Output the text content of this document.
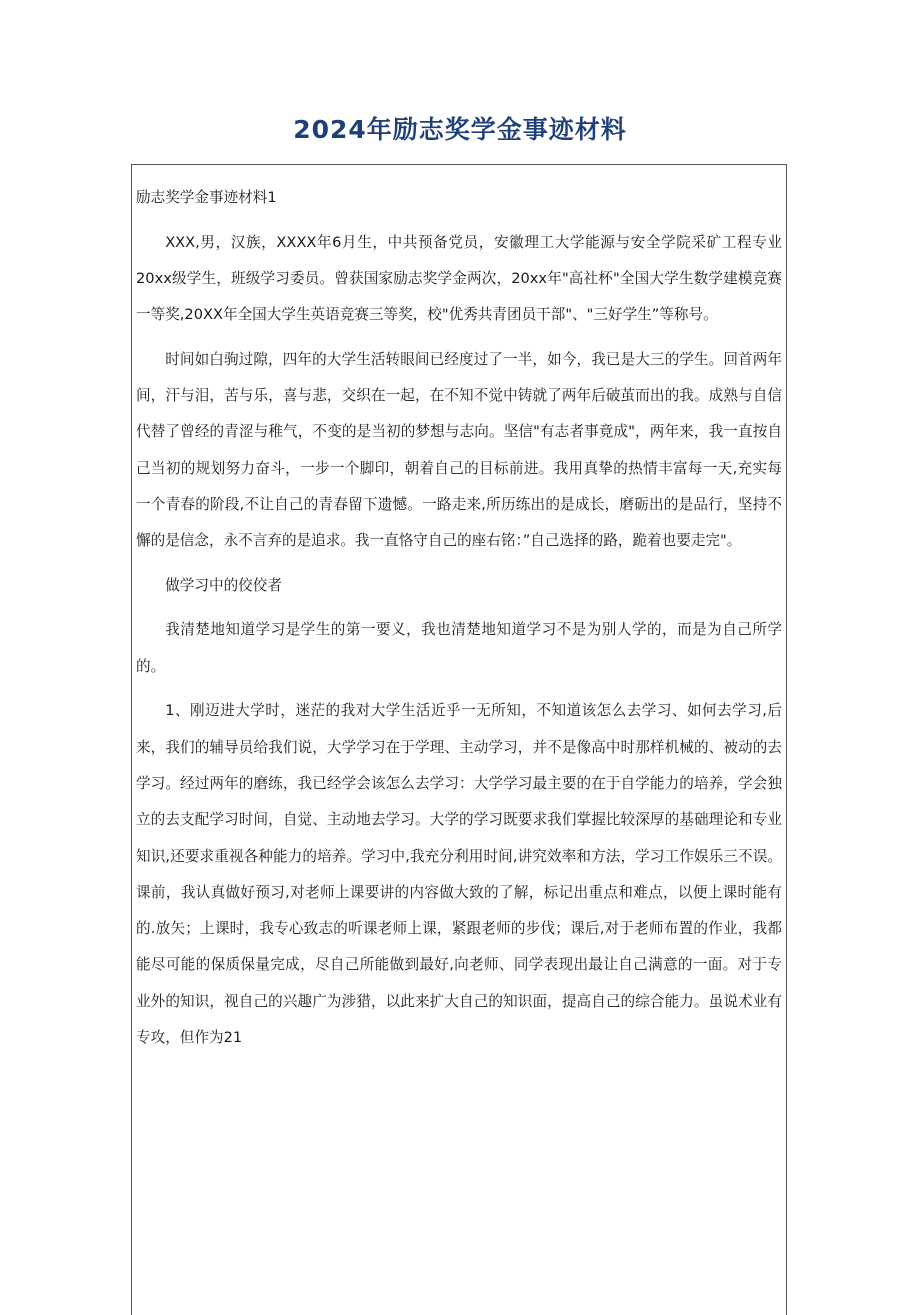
2024年励志奖学金事迹材料

励志奖学金事迹材料1

XXX,男，汉族，XXXX年6月生，中共预备党员，安徽理工大学能源与安全学院采矿工程专业20xx级学生，班级学习委员。曾获国家励志奖学金两次，20xx年"高社杯"全国大学生数学建模竞赛一等奖,20XX年全国大学生英语竞赛三等奖，校"优秀共青团员干部"、"三好学生”等称号。

时间如白驹过隙，四年的大学生活转眼间已经度过了一半，如今，我已是大三的学生。回首两年间，汗与泪，苦与乐，喜与悲，交织在一起，在不知不觉中铸就了两年后破茧而出的我。成熟与自信代替了曾经的青涩与稚气，不变的是当初的梦想与志向。坚信"有志者事竟成"，两年来，我一直按自己当初的规划努力奋斗，一步一个脚印，朝着自己的目标前进。我用真挚的热情丰富每一天,充实每一个青春的阶段,不让自己的青春留下遗憾。一路走来,所历练出的是成长，磨砺出的是品行，坚持不懈的是信念，永不言弃的是追求。我一直恪守自己的座右铭：”自己选择的路，跪着也要走完"。

做学习中的佼佼者

我清楚地知道学习是学生的第一要义，我也清楚地知道学习不是为别人学的，而是为自己所学的。

1、刚迈进大学时，迷茫的我对大学生活近乎一无所知，不知道该怎么去学习、如何去学习,后来，我们的辅导员给我们说，大学学习在于学理、主动学习，并不是像高中时那样机械的、被动的去学习。经过两年的磨练，我已经学会该怎么去学习：大学学习最主要的在于自学能力的培养，学会独立的去支配学习时间，自觉、主动地去学习。大学的学习既要求我们掌握比较深厚的基础理论和专业知识,还要求重视各种能力的培养。学习中,我充分利用时间,讲究效率和方法，学习工作娱乐三不误。课前，我认真做好预习,对老师上课要讲的内容做大致的了解，标记出重点和难点，以便上课时能有的.放矢；上课时，我专心致志的听课老师上课，紧跟老师的步伐；课后,对于老师布置的作业，我都能尽可能的保质保量完成，尽自己所能做到最好,向老师、同学表现出最让自己满意的一面。对于专业外的知识，视自己的兴趣广为涉猎，以此来扩大自己的知识面，提高自己的综合能力。虽说术业有专攻，但作为21
